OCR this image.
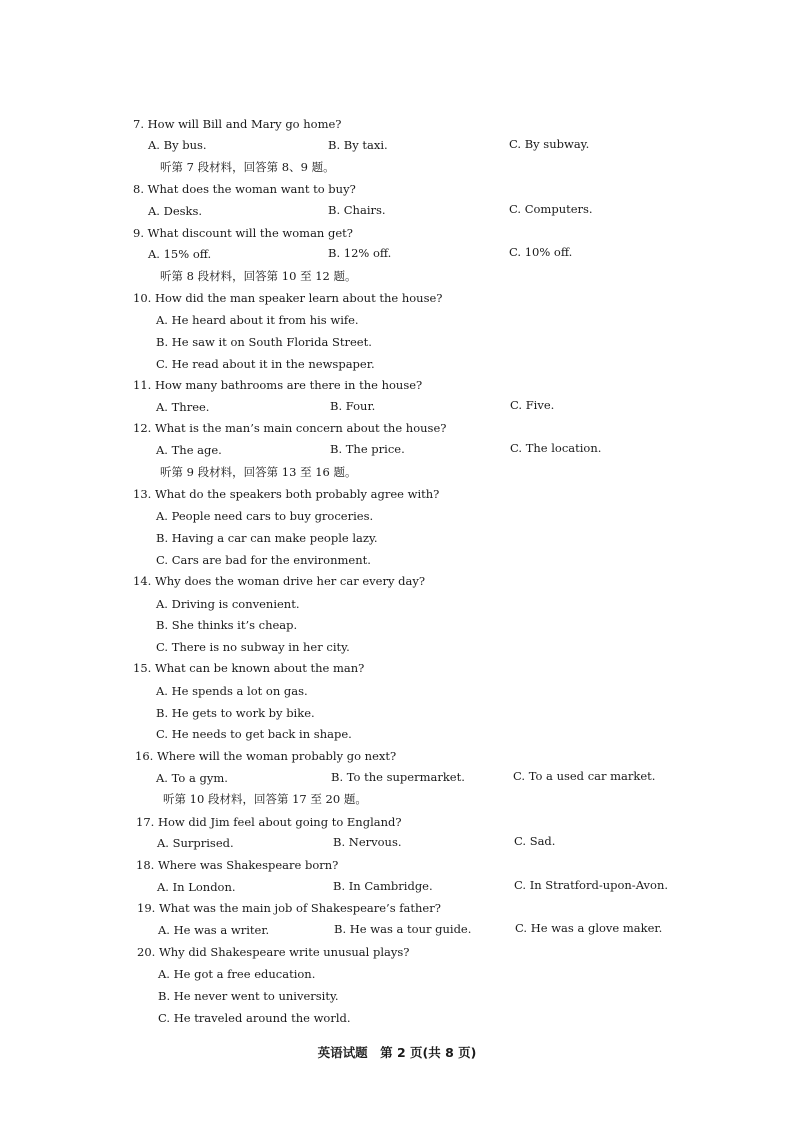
7. How will Bill and Mary go home?
A. By bus.	B. By taxi.	C. By subway.
听第 7 段材料，回答第 8、9 题。
8. What does the woman want to buy?
A. Desks.	B. Chairs.	C. Computers.
9. What discount will the woman get?
A. 15% off.	B. 12% off.	C. 10% off.
听第 8 段材料，回答第 10 至 12 题。
10. How did the man speaker learn about the house?
A. He heard about it from his wife.
B. He saw it on South Florida Street.
C. He read about it in the newspaper.
11. How many bathrooms are there in the house?
A. Three.	B. Four.	C. Five.
12. What is the man’s main concern about the house?
A. The age.	B. The price.	C. The location.
听第 9 段材料，回答第 13 至 16 题。
13. What do the speakers both probably agree with?
A. People need cars to buy groceries.
B. Having a car can make people lazy.
C. Cars are bad for the environment.
14. Why does the woman drive her car every day?
A. Driving is convenient.
B. She thinks it’s cheap.
C. There is no subway in her city.
15. What can be known about the man?
A. He spends a lot on gas.
B. He gets to work by bike.
C. He needs to get back in shape.
16. Where will the woman probably go next?
A. To a gym.	B. To the supermarket.	C. To a used car market.
听第 10 段材料，回答第 17 至 20 题。
17. How did Jim feel about going to England?
A. Surprised.	B. Nervous.	C. Sad.
18. Where was Shakespeare born?
A. In London.	B. In Cambridge.	C. In Stratford-upon-Avon.
19. What was the main job of Shakespeare’s father?
A. He was a writer.	B. He was a tour guide.	C. He was a glove maker.
20. Why did Shakespeare write unusual plays?
A. He got a free education.
B. He never went to university.
C. He traveled around the world.
英语试题　第 2 页(共 8 页)
